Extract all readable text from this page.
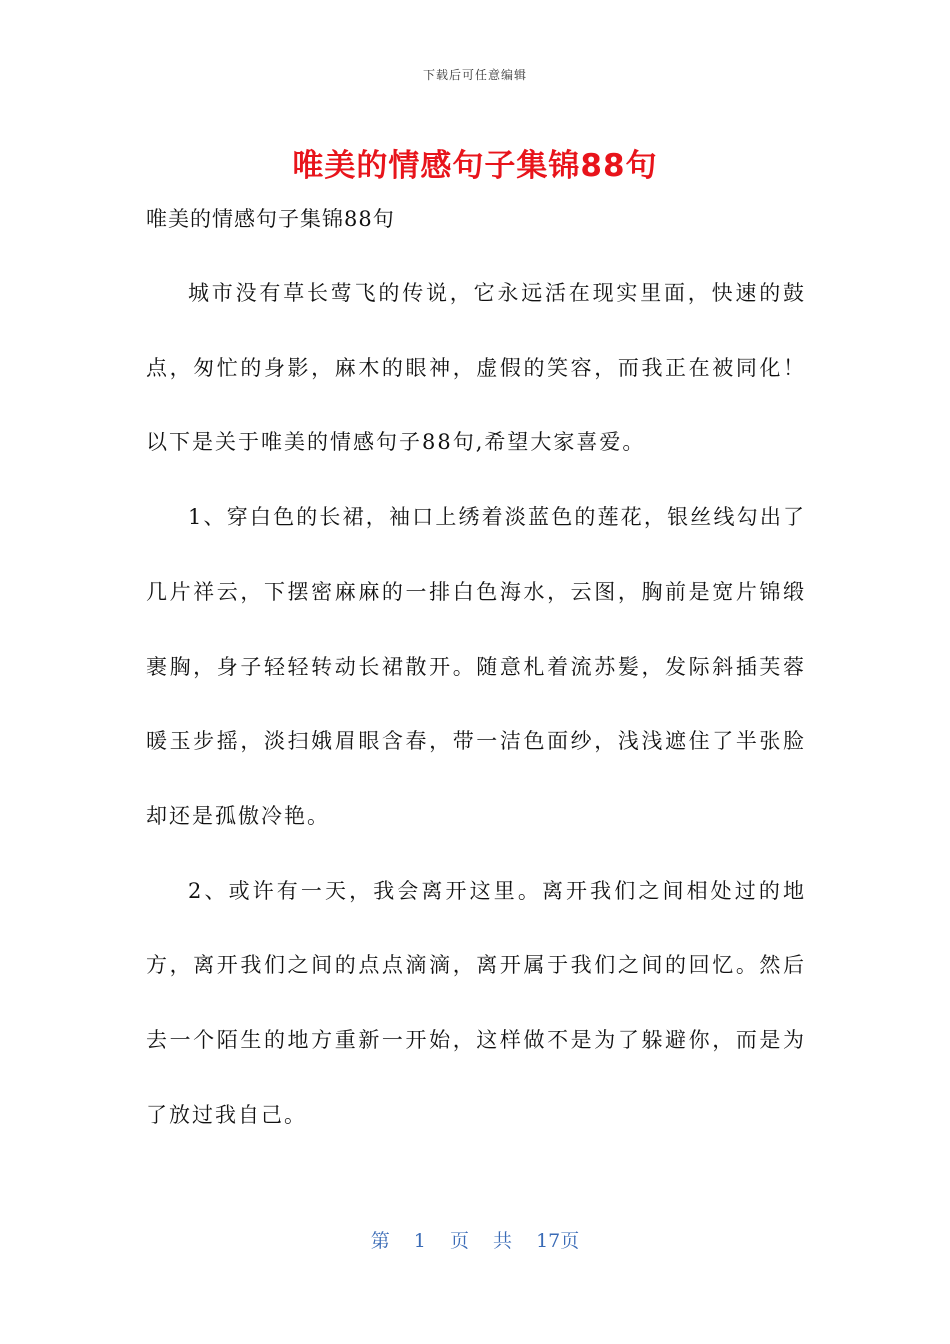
下载后可任意编辑
唯美的情感句子集锦88句
唯美的情感句子集锦88句

城市没有草长莺飞的传说，它永远活在现实里面，快速的鼓点，匆忙的身影，麻木的眼神，虚假的笑容，而我正在被同化！以下是关于唯美的情感句子88句,希望大家喜爱。

1、穿白色的长裙，袖口上绣着淡蓝色的莲花，银丝线勾出了几片祥云，下摆密麻麻的一排白色海水，云图，胸前是宽片锦缎裹胸，身子轻轻转动长裙散开。随意札着流苏髪，发际斜插芙蓉暖玉步摇，淡扫娥眉眼含春，带一洁色面纱，浅浅遮住了半张脸却还是孤傲冷艳。

2、或许有一天，我会离开这里。离开我们之间相处过的地方，离开我们之间的点点滴滴，离开属于我们之间的回忆。然后去一个陌生的地方重新一开始，这样做不是为了躲避你，而是为了放过我自己。

第 1 页 共 17页
